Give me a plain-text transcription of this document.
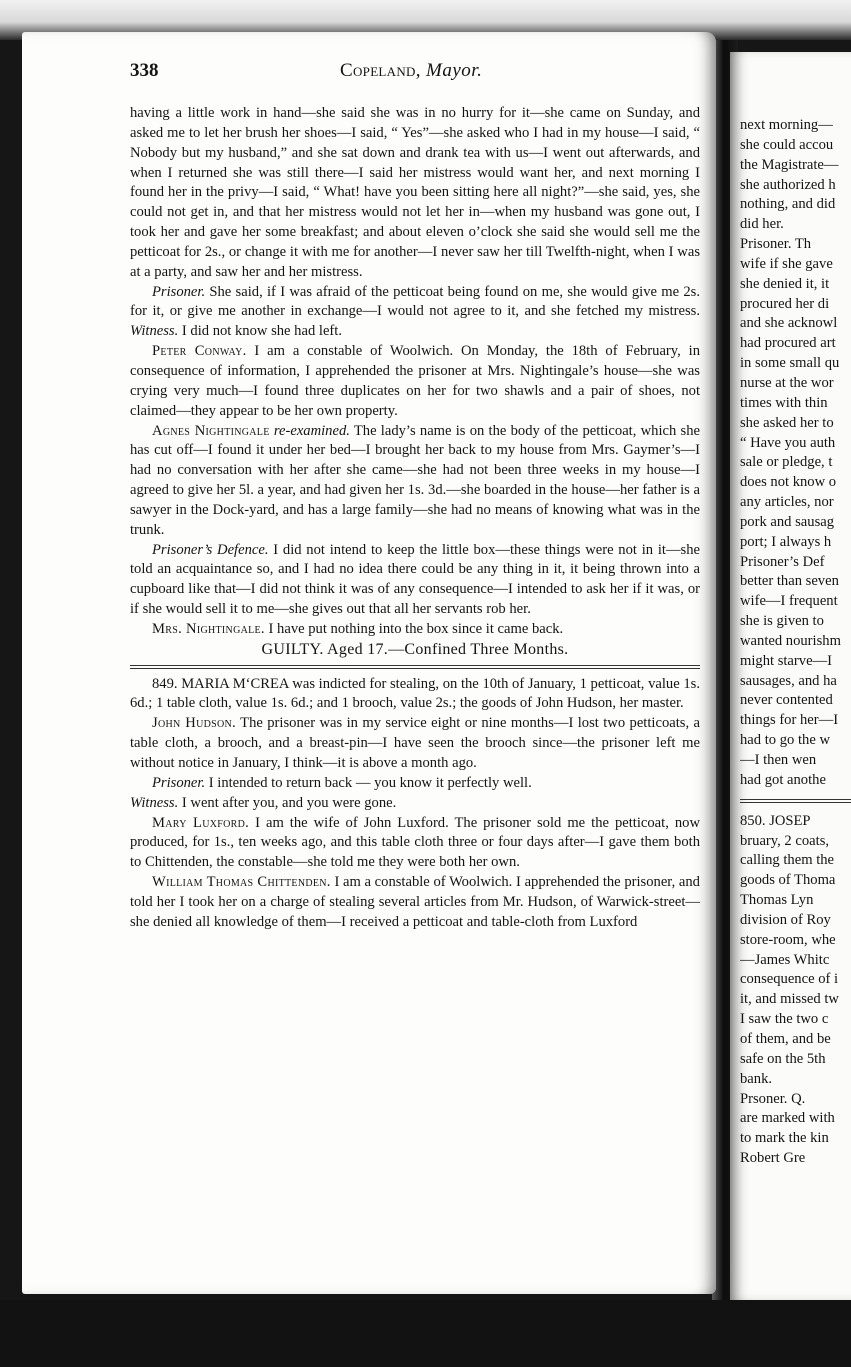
next morning—
she could accou
the Magistrate—
she authorized h
nothing, and did
did her.
Prisoner. Th
wife if she gave
she denied it, it
procured her di
and she acknowl
had procured art
in some small qu
nurse at the wor
times with thin
she asked her to
“ Have you auth
sale or pledge, t
does not know o
any articles, nor
pork and sausag
port; I always h
Prisoner’s Def
better than seven
wife—I frequent
she is given to
wanted nourishm
might starve—I
sausages, and ha
never contented
things for her—I
had to go the w
—I then wen
had got anothe
850. JOSEP
bruary, 2 coats,
calling them the
goods of Thoma
Thomas Lyn
division of Roy
store-room, whe
—James Whitc
consequence of i
it, and missed tw
I saw the two c
of them, and be
safe on the 5th
bank.
Prsoner. Q.
are marked with
to mark the kin
Robert Gre
338	Copeland, Mayor.

having a little work in hand—she said she was in no hurry for it—she came on Sunday, and asked me to let her brush her shoes—I said, “ Yes”—she asked who I had in my house—I said, “ Nobody but my husband,” and she sat down and drank tea with us—I went out afterwards, and when I returned she was still there—I said her mistress would want her, and next morning I found her in the privy—I said, “ What! have you been sitting here all night?”—she said, yes, she could not get in, and that her mistress would not let her in—when my husband was gone out, I took her and gave her some breakfast; and about eleven o’clock she said she would sell me the petticoat for 2s., or change it with me for another—I never saw her till Twelfth-night, when I was at a party, and saw her and her mistress.

Prisoner. She said, if I was afraid of the petticoat being found on me, she would give me 2s. for it, or give me another in exchange—I would not agree to it, and she fetched my mistress. Witness. I did not know she had left.

Peter Conway. I am a constable of Woolwich. On Monday, the 18th of February, in consequence of information, I apprehended the prisoner at Mrs. Nightingale’s house—she was crying very much—I found three duplicates on her for two shawls and a pair of shoes, not claimed—they appear to be her own property.

Agnes Nightingale re-examined. The lady’s name is on the body of the petticoat, which she has cut off—I found it under her bed—I brought her back to my house from Mrs. Gaymer’s—I had no conversation with her after she came—she had not been three weeks in my house—I agreed to give her 5l. a year, and had given her 1s. 3d.—she boarded in the house—her father is a sawyer in the Dock-yard, and has a large family—she had no means of knowing what was in the trunk.

Prisoner’s Defence. I did not intend to keep the little box—these things were not in it—she told an acquaintance so, and I had no idea there could be any thing in it, it being thrown into a cupboard like that—I did not think it was of any consequence—I intended to ask her if it was, or if she would sell it to me—she gives out that all her servants rob her.

Mrs. Nightingale. I have put nothing into the box since it came back.

GUILTY. Aged 17.—Confined Three Months.

849. MARIA M‘CREA was indicted for stealing, on the 10th of January, 1 petticoat, value 1s. 6d.; 1 table cloth, value 1s. 6d.; and 1 brooch, value 2s.; the goods of John Hudson, her master.

John Hudson. The prisoner was in my service eight or nine months—I lost two petticoats, a table cloth, a brooch, and a breast-pin—I have seen the brooch since—the prisoner left me without notice in January, I think—it is above a month ago.

Prisoner. I intended to return back — you know it perfectly well.

Witness. I went after you, and you were gone.

Mary Luxford. I am the wife of John Luxford. The prisoner sold me the petticoat, now produced, for 1s., ten weeks ago, and this table cloth three or four days after—I gave them both to Chittenden, the constable—she told me they were both her own.

William Thomas Chittenden. I am a constable of Woolwich. I apprehended the prisoner, and told her I took her on a charge of stealing several articles from Mr. Hudson, of Warwick-street—she denied all knowledge of them—I received a petticoat and table-cloth from Luxford
